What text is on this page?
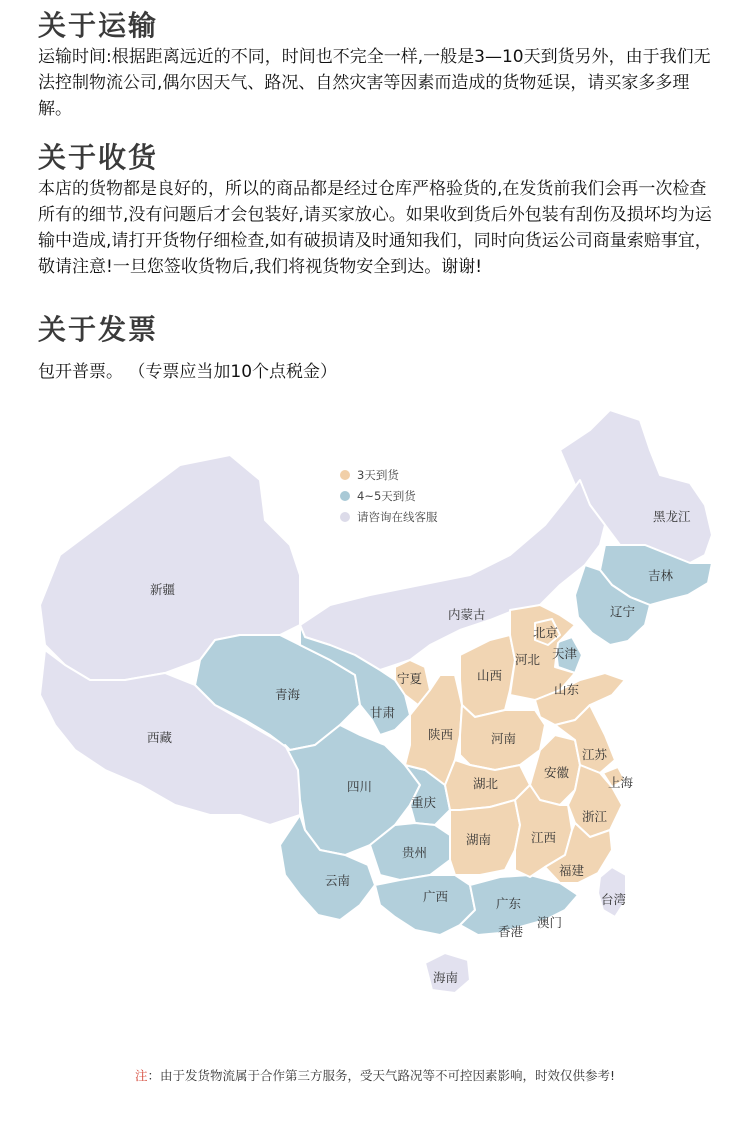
关于运输

运输时间:根据距离远近的不同，时间也不完全一样,一般是3—10天到货另外，由于我们无法控制物流公司,偶尔因天气、路况、自然灾害等因素而造成的货物延误，请买家多多理解。

关于收货

本店的货物都是良好的，所以的商品都是经过仓库严格验货的,在发货前我们会再一次检查所有的细节,没有问题后才会包装好,请买家放心。如果收到货后外包装有刮伤及损坏均为运输中造成,请打开货物仔细检查,如有破损请及时通知我们，同时向货运公司商量索赔事宜，敬请注意!一旦您签收货物后,我们将视货物安全到达。谢谢!

关于发票

包开普票。 （专票应当加10个点税金）

黑龙江
吉林
辽宁
内蒙古
新疆
西藏
青海
甘肃
宁夏
北京
天津
河北
山西
山东
陕西	河南
四川
重庆
湖北
安徽
江苏
上海
浙江
湖南	江西
贵州
云南
福建
广西	广东	台湾
香港
澳门
海南
3天到货
4~5天到货
请咨询在线客服
注：由于发货物流属于合作第三方服务，受天气路况等不可控因素影响，时效仅供参考!
